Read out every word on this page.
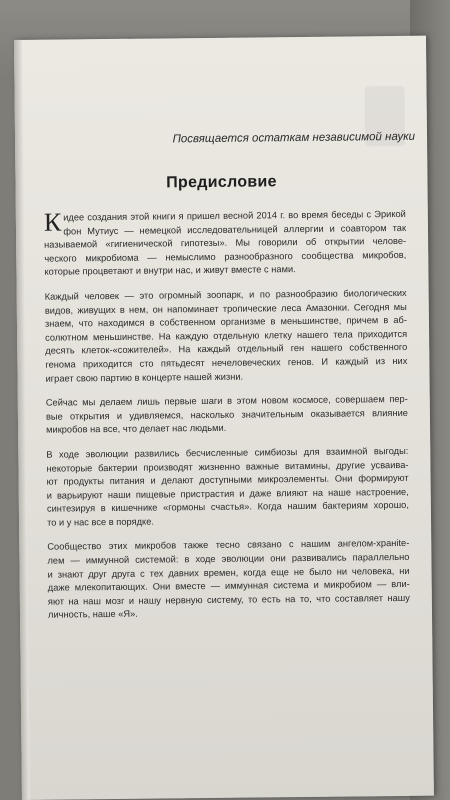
Посвящается остаткам независимой науки
Предисловие

К идее создания этой книги я пришел весной 2014 г. во время беседы с Эрикой
фон Мутиус — немецкой исследовательницей аллергии и соавтором так
называемой «гигиенической гипотезы». Мы говорили об открытии челове-
ческого микробиома — немыслимо разнообразного сообщества микробов,
которые процветают и внутри нас, и живут вместе с нами.

Каждый человек — это огромный зоопарк, и по разнообразию биологических
видов, живущих в нем, он напоминает тропические леса Амазонки. Сегодня мы
знаем, что находимся в собственном организме в меньшинстве, причем в аб-
солютном меньшинстве. На каждую отдельную клетку нашего тела приходится
десять клеток-«сожителей». На каждый отдельный ген нашего собственного
генома приходится сто пятьдесят нечеловеческих генов. И каждый из них
играет свою партию в концерте нашей жизни.

Сейчас мы делаем лишь первые шаги в этом новом космосе, совершаем пер-
вые открытия и удивляемся, насколько значительным оказывается влияние
микробов на все, что делает нас людьми.

В ходе эволюции развились бесчисленные симбиозы для взаимной выгоды:
некоторые бактерии производят жизненно важные витамины, другие усваива-
ют продукты питания и делают доступными микроэлементы. Они формируют
и варьируют наши пищевые пристрастия и даже влияют на наше настроение,
синтезируя в кишечнике «гормоны счастья». Когда нашим бактериям хорошо,
то и у нас все в порядке.

Сообщество этих микробов также тесно связано с нашим ангелом-хранite-
лем — иммунной системой: в ходе эволюции они развивались параллельно
и знают друг друга с тех давних времен, когда еще не было ни человека, ни
даже млекопитающих. Они вместе — иммунная система и микробиом — вли-
яют на наш мозг и нашу нервную систему, то есть на то, что составляет нашу
личность, наше «Я».
